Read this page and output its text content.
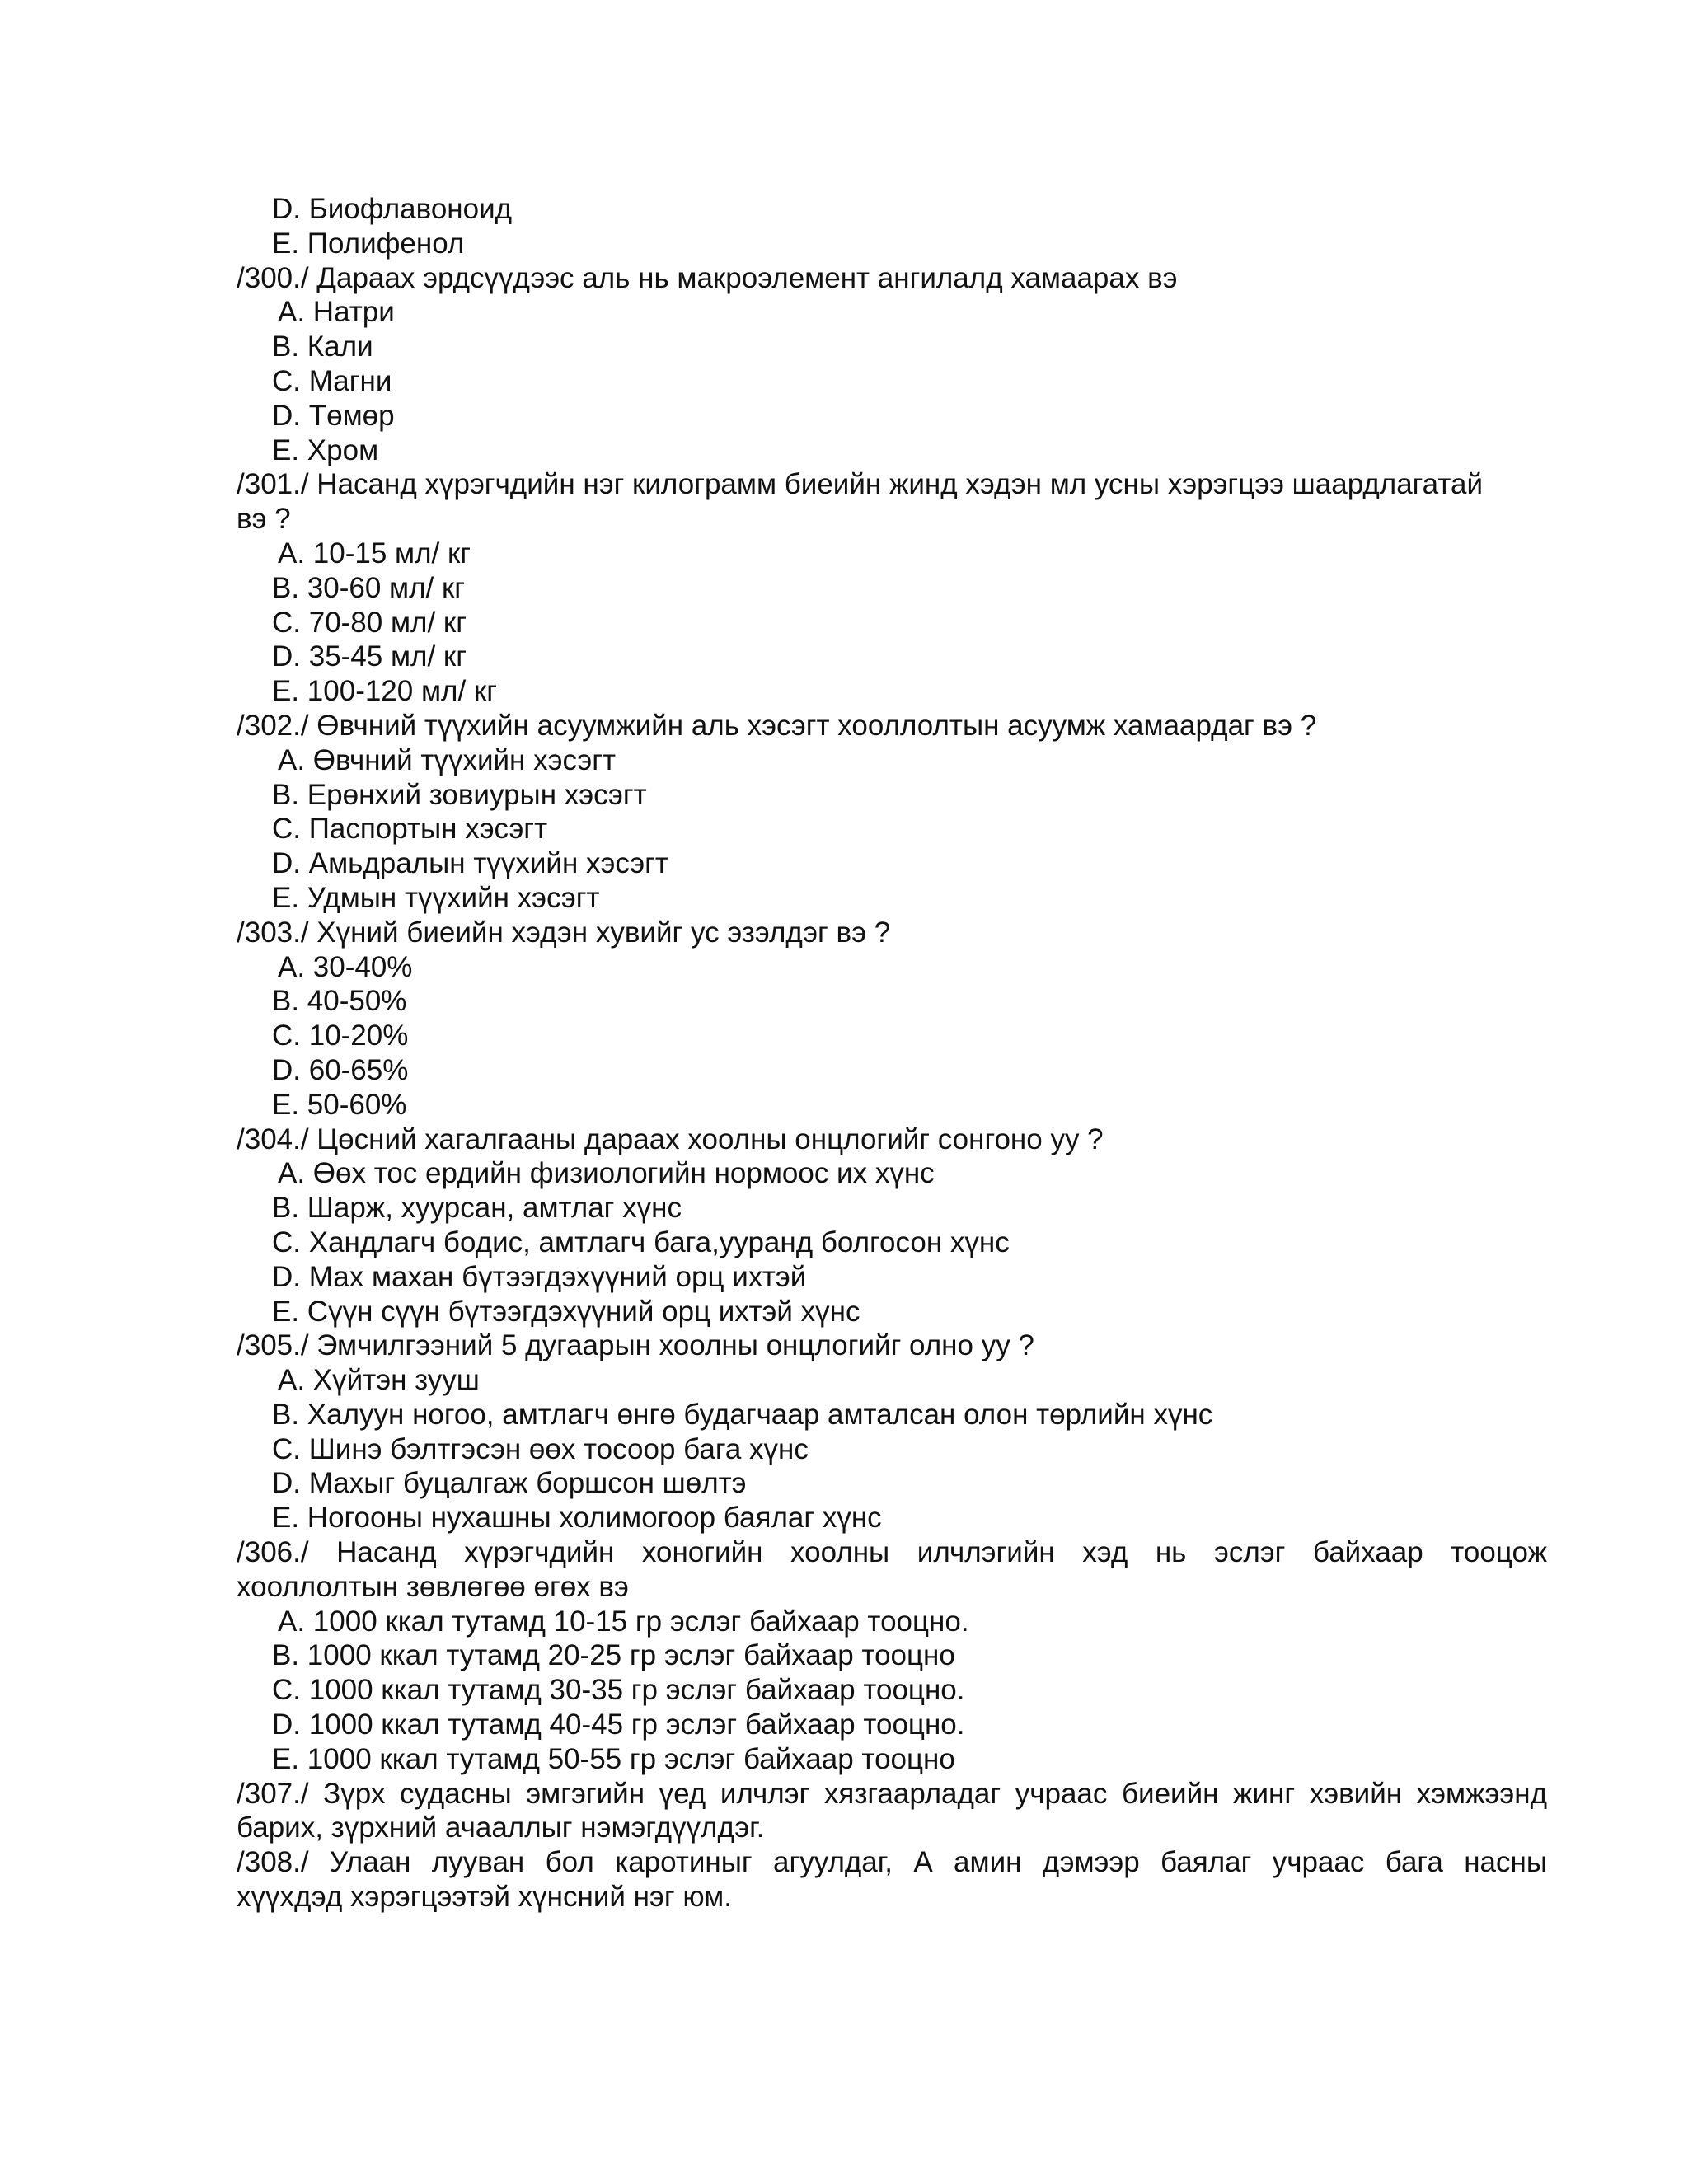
D. Биофлавоноид
E. Полифенол
/300./ Дараах эрдсүүдээс аль нь макроэлемент ангилалд хамаарах вэ
A. Натри
B. Кали
C. Магни
D. Төмөр
E. Хром
/301./ Насанд хүрэгчдийн нэг килограмм биеийн жинд хэдэн мл усны хэрэгцээ шаардлагатай
вэ ?
A. 10-15 мл/ кг
B. 30-60 мл/ кг
C. 70-80 мл/ кг
D. 35-45 мл/ кг
E. 100-120 мл/ кг
/302./ Өвчний түүхийн асуумжийн аль хэсэгт хооллолтын асуумж хамаардаг вэ ?
A. Өвчний түүхийн хэсэгт
B. Ерөнхий зовиурын хэсэгт
C. Паспортын хэсэгт
D. Амьдралын түүхийн хэсэгт
E. Удмын түүхийн хэсэгт
/303./ Хүний биеийн хэдэн хувийг ус эзэлдэг вэ ?
A. 30-40%
B. 40-50%
C. 10-20%
D. 60-65%
E. 50-60%
/304./ Цөсний хагалгааны дараах хоолны онцлогийг сонгоно уу ?
A. Өөх тос ердийн физиологийн нормоос их хүнс
B. Шарж, хуурсан, амтлаг хүнс
C. Хандлагч бодис, амтлагч бага,ууранд болгосон хүнс
D. Мах махан бүтээгдэхүүний орц ихтэй
E. Сүүн сүүн бүтээгдэхүүний орц ихтэй хүнс
/305./ Эмчилгээний 5 дугаарын хоолны онцлогийг олно уу ?
A. Хүйтэн зууш
B. Халуун ногоо, амтлагч өнгө будагчаар амталсан олон төрлийн хүнс
C. Шинэ бэлтгэсэн өөх тосоор бага хүнс
D. Махыг буцалгаж боршсон шөлтэ
E. Ногооны нухашны холимогоор баялаг хүнс
/306./ Насанд хүрэгчдийн хоногийн хоолны илчлэгийн хэд нь эслэг байхаар тооцож
хооллолтын зөвлөгөө өгөх вэ
A. 1000 ккал тутамд 10-15 гр эслэг байхаар тооцно.
B. 1000 ккал тутамд 20-25 гр эслэг байхаар тооцно
C. 1000 ккал тутамд 30-35 гр эслэг байхаар тооцно.
D. 1000 ккал тутамд 40-45 гр эслэг байхаар тооцно.
E. 1000 ккал тутамд 50-55 гр эслэг байхаар тооцно
/307./ Зүрх судасны эмгэгийн үед илчлэг хязгаарладаг учраас биеийн жинг хэвийн хэмжээнд
барих, зүрхний ачааллыг нэмэгдүүлдэг.
/308./ Улаан лууван бол каротиныг агуулдаг, А амин дэмээр баялаг учраас бага насны
хүүхдэд хэрэгцээтэй хүнсний нэг юм.
